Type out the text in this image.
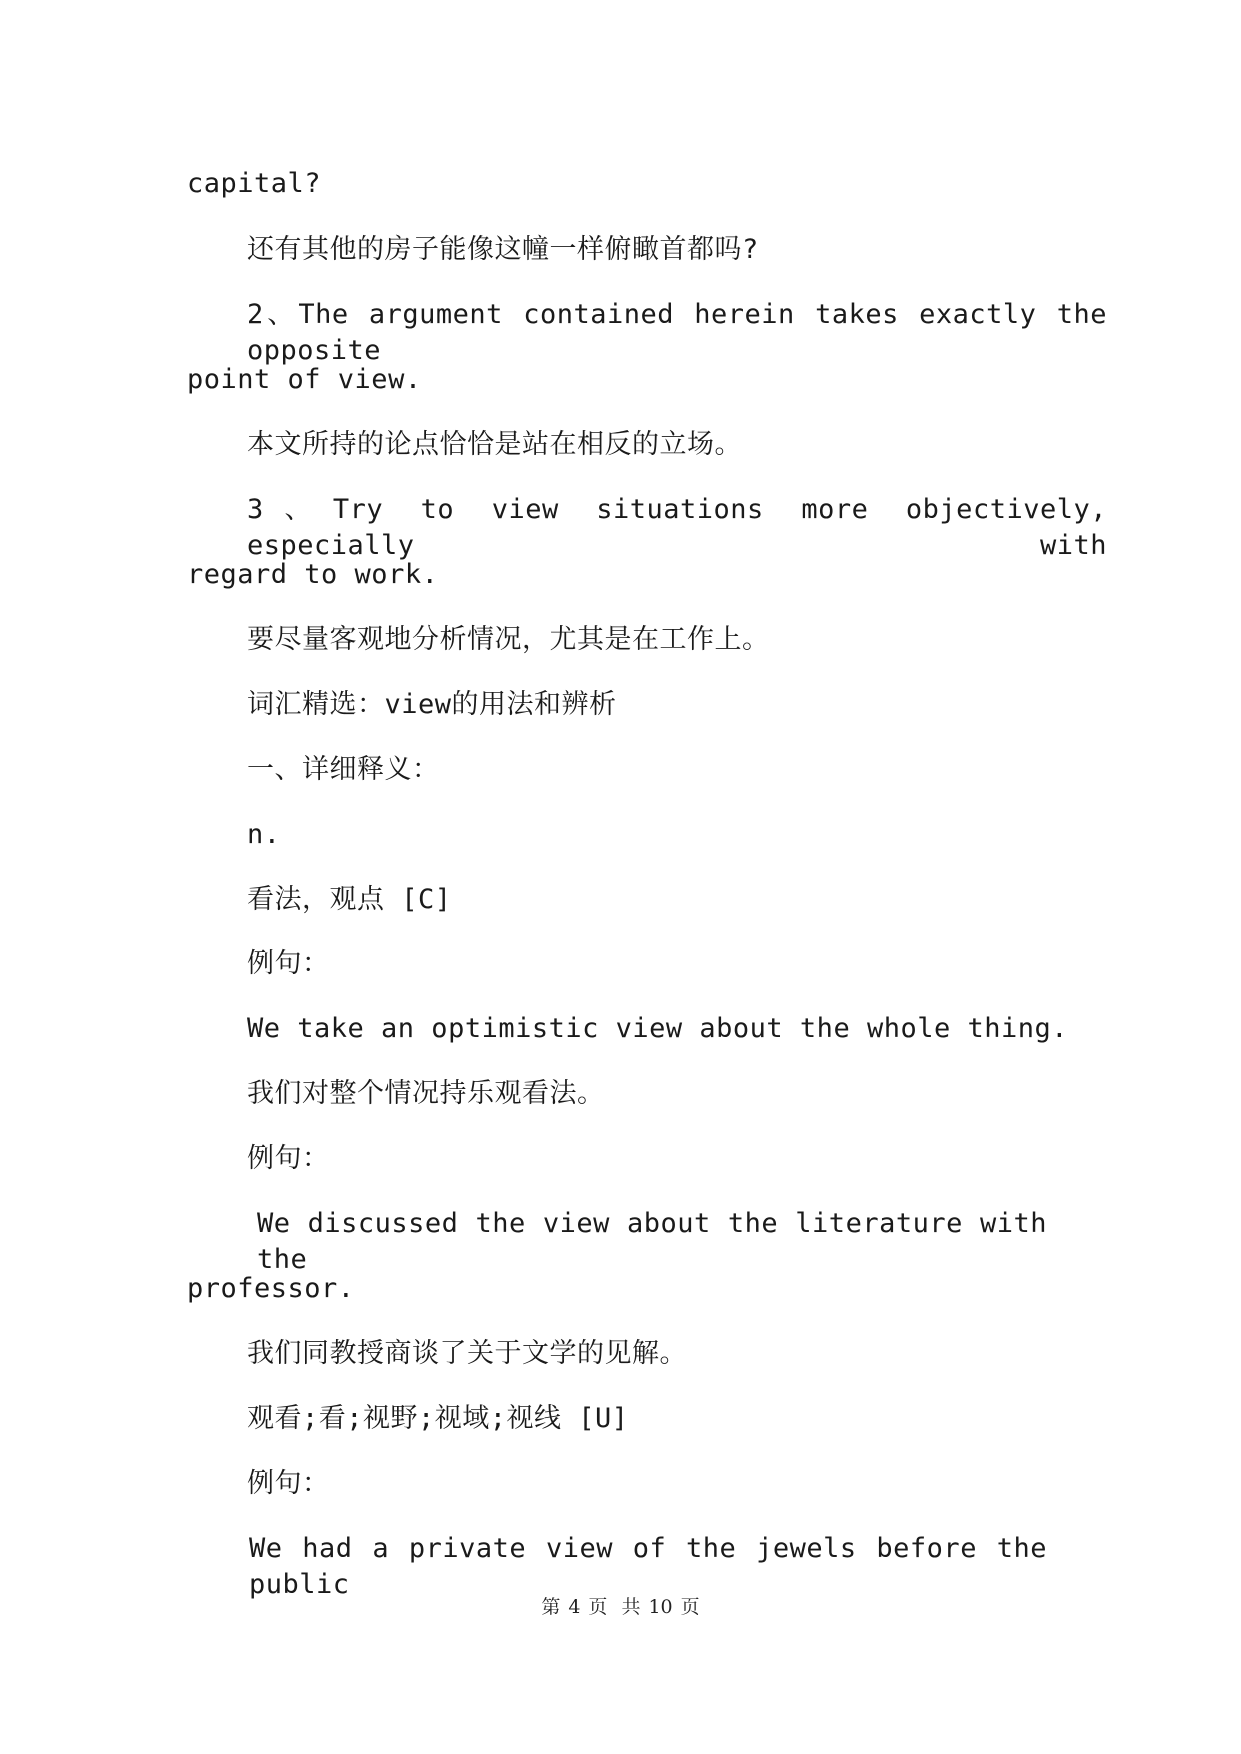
capital?
还有其他的房子能像这幢一样俯瞰首都吗?
2、The argument contained herein takes exactly the opposite
point of view.
本文所持的论点恰恰是站在相反的立场。
3、Try to view situations more objectively, especially with
regard to work.
要尽量客观地分析情况，尤其是在工作上。
词汇精选：view的用法和辨析
一、详细释义：
n.
看法，观点 [C]
例句：
We take an optimistic view about the whole thing.
我们对整个情况持乐观看法。
例句：
We discussed the view about the literature with the
professor.
我们同教授商谈了关于文学的见解。
观看;看;视野;视域;视线 [U]
例句：
We had a private view of the jewels before the public
第 4 页 共 10 页
